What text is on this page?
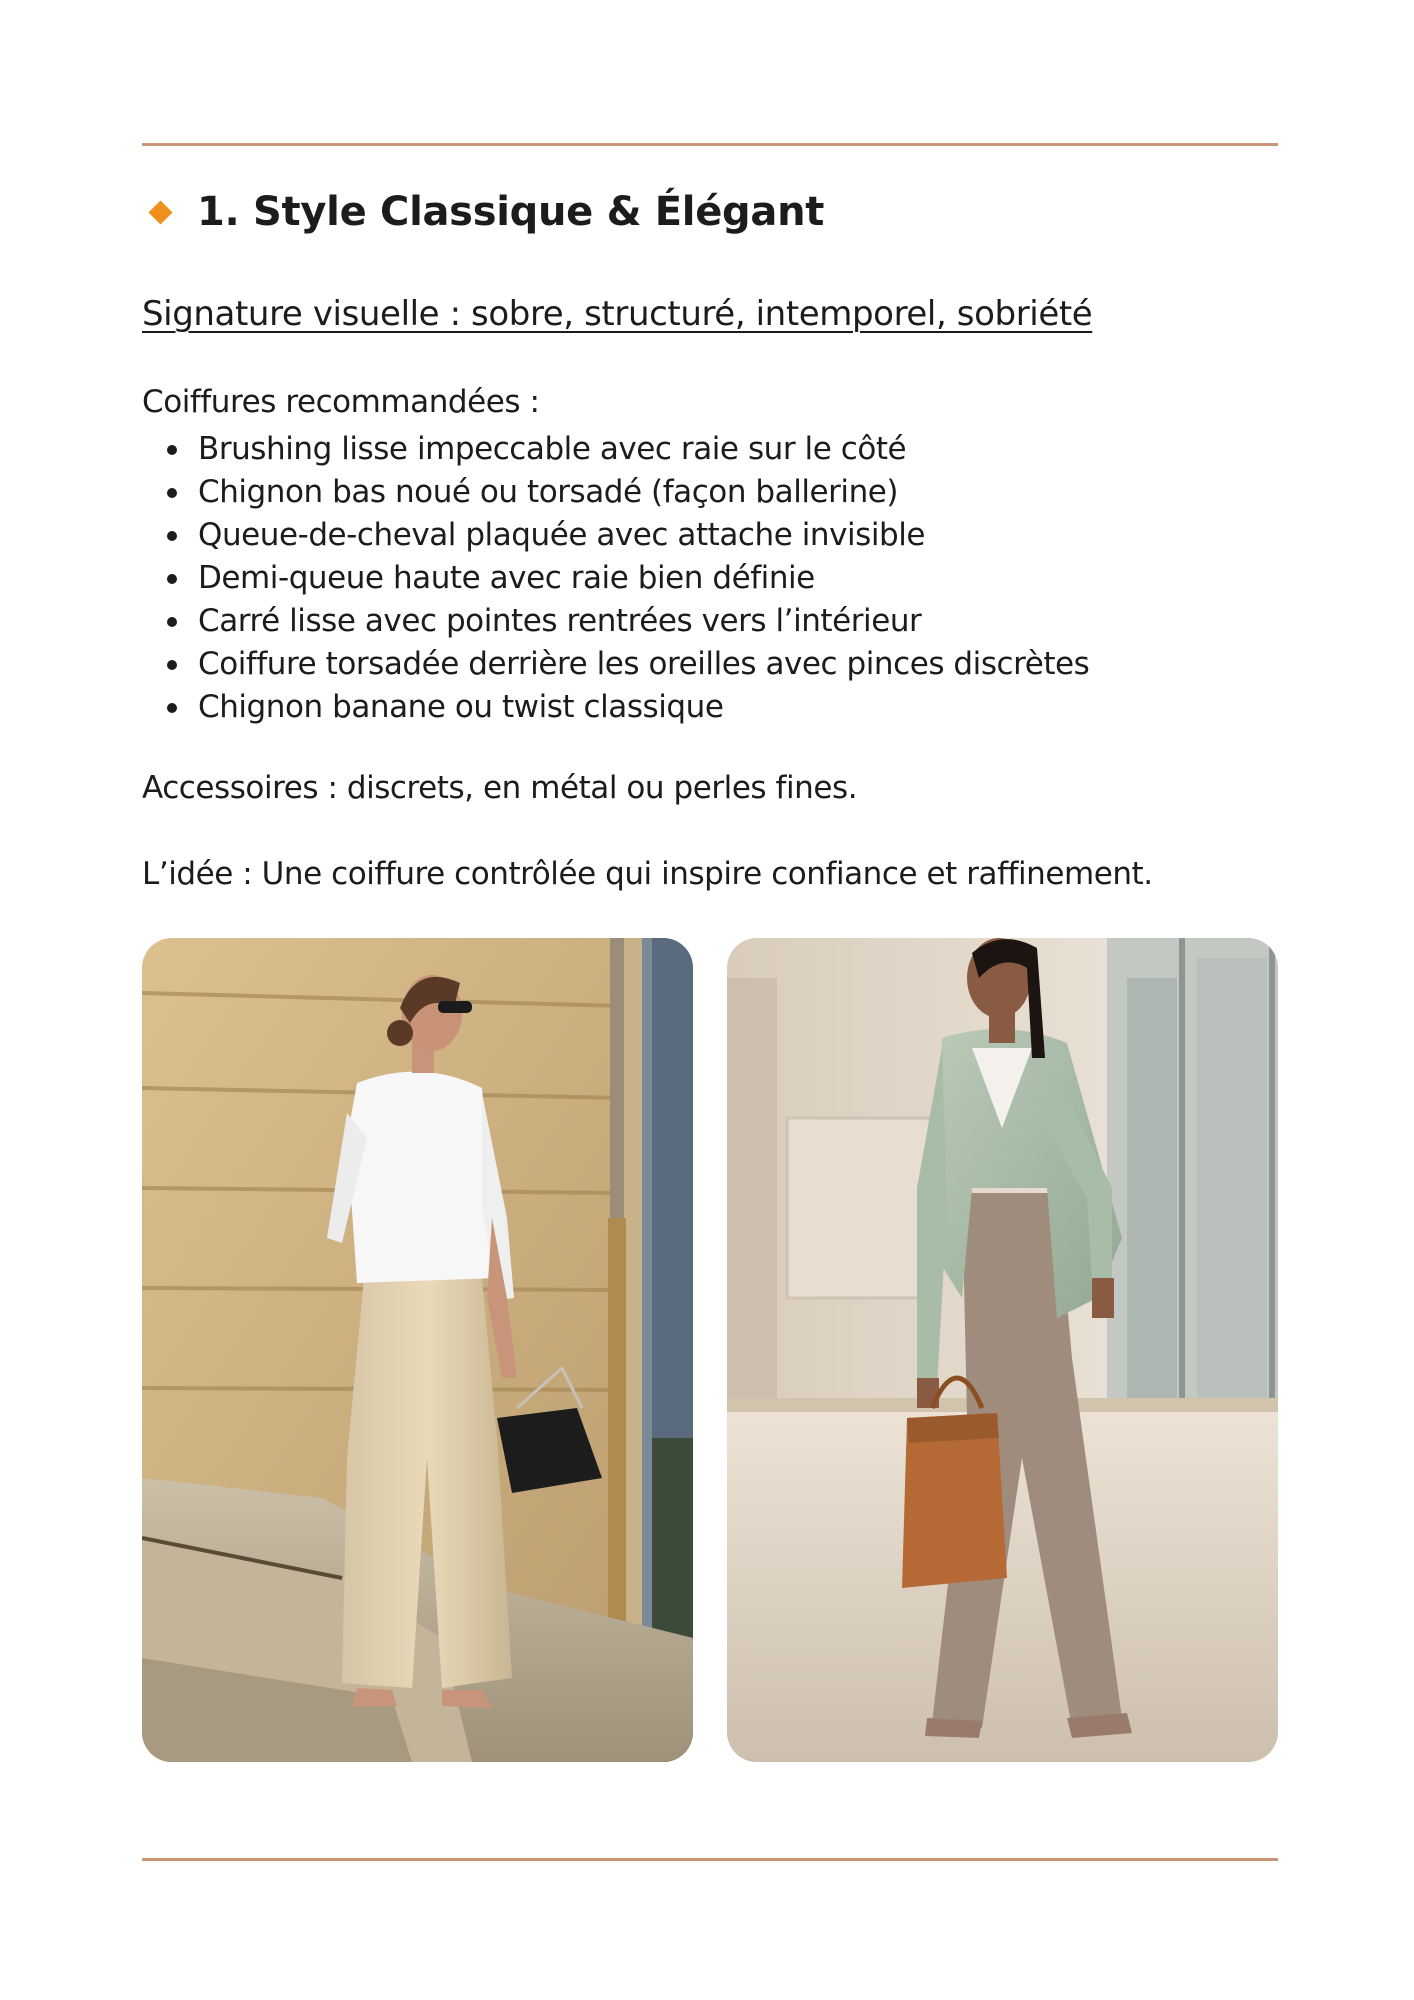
1. Style Classique & Élégant
Signature visuelle : sobre, structuré, intemporel, sobriété
Coiffures recommandées :
Brushing lisse impeccable avec raie sur le côté
Chignon bas noué ou torsadé (façon ballerine)
Queue-de-cheval plaquée avec attache invisible
Demi-queue haute avec raie bien définie
Carré lisse avec pointes rentrées vers l’intérieur
Coiffure torsadée derrière les oreilles avec pinces discrètes
Chignon banane ou twist classique
Accessoires : discrets, en métal ou perles fines.
L’idée : Une coiffure contrôlée qui inspire confiance et raffinement.
